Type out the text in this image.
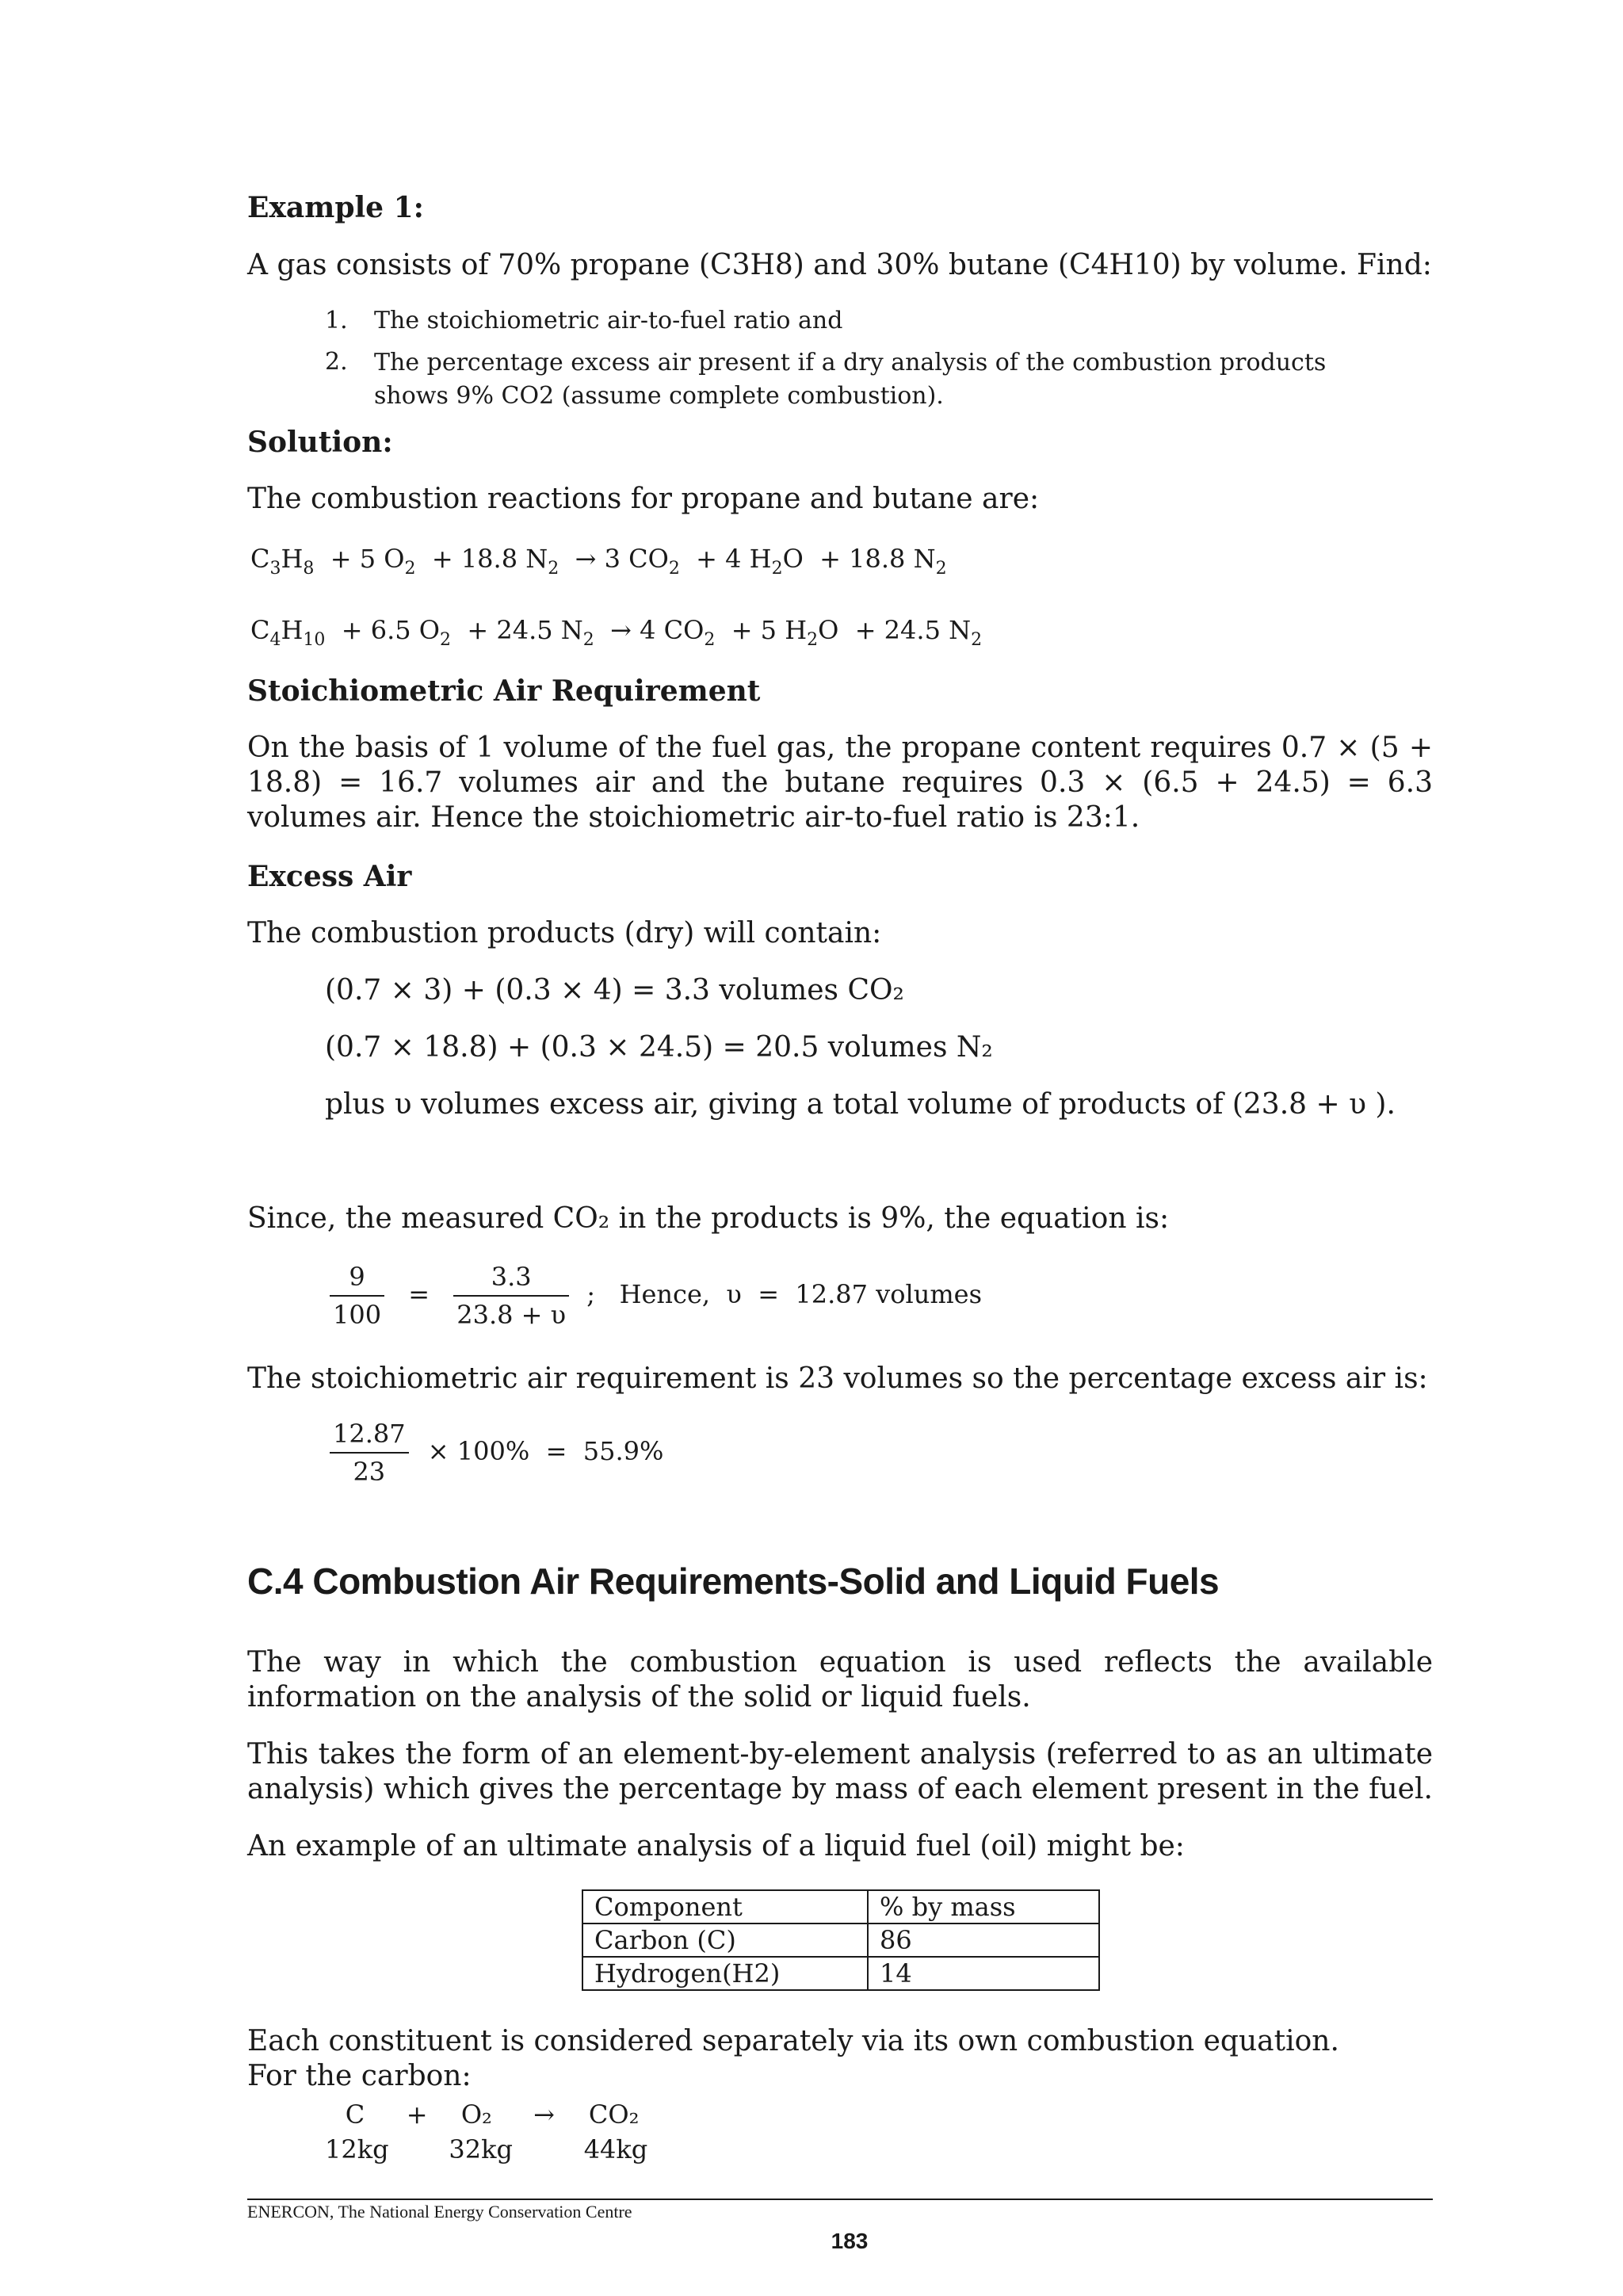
Example 1:
A gas consists of 70% propane (C3H8) and 30% butane (C4H10) by volume. Find:
1.	The stoichiometric air-to-fuel ratio and
2.	The percentage excess air present if a dry analysis of the combustion products shows 9% CO2 (assume complete combustion).
Solution:
The combustion reactions for propane and butane are:
$C_3H_8 + 5$ $O_2 + 18.8$ $N_2 \to 3$ $CO_2 + 4$ $H_2O + 18.8$ $N_2$
$C_4H_{10} + 6.5$ $O_2 + 24.5$ $N_2 \to 4$ $CO_2 + 5$ $H_2O + 24.5$ $N_2$
Stoichiometric Air Requirement
On the basis of 1 volume of the fuel gas, the propane content requires 0.7 × (5 + 18.8) = 16.7 volumes air and the butane requires 0.3 × (6.5 + 24.5) = 6.3 volumes air. Hence the stoichiometric air-to-fuel ratio is 23:1.
Excess Air
The combustion products (dry) will contain:
(0.7 × 3) + (0.3 × 4) = 3.3 volumes CO₂
(0.7 × 18.8) + (0.3 × 24.5) = 20.5 volumes N₂
plus υ volumes excess air, giving a total volume of products of (23.8 + υ ).
Since, the measured CO₂ in the products is 9%, the equation is:
$\frac{9}{100} = \frac{3.3}{23.8 + \upsilon}$ ;   Hence,  υ  =  12.87 volumes
The stoichiometric air requirement is 23 volumes so the percentage excess air is:
$\frac{12.87}{23} \times 100\% = 55.9\%$
C.4 Combustion Air Requirements-Solid and Liquid Fuels
The way in which the combustion equation is used reflects the available information on the analysis of the solid or liquid fuels.
This takes the form of an element-by-element analysis (referred to as an ultimate analysis) which gives the percentage by mass of each element present in the fuel.
An example of an ultimate analysis of a liquid fuel (oil) might be:
Component	% by mass
Carbon (C)	86
Hydrogen(H2)	14
Each constituent is considered separately via its own combustion equation.
For the carbon:
C + O₂ → CO₂
12kg 32kg	44kg
ENERCON, The National Energy Conservation Centre
183
